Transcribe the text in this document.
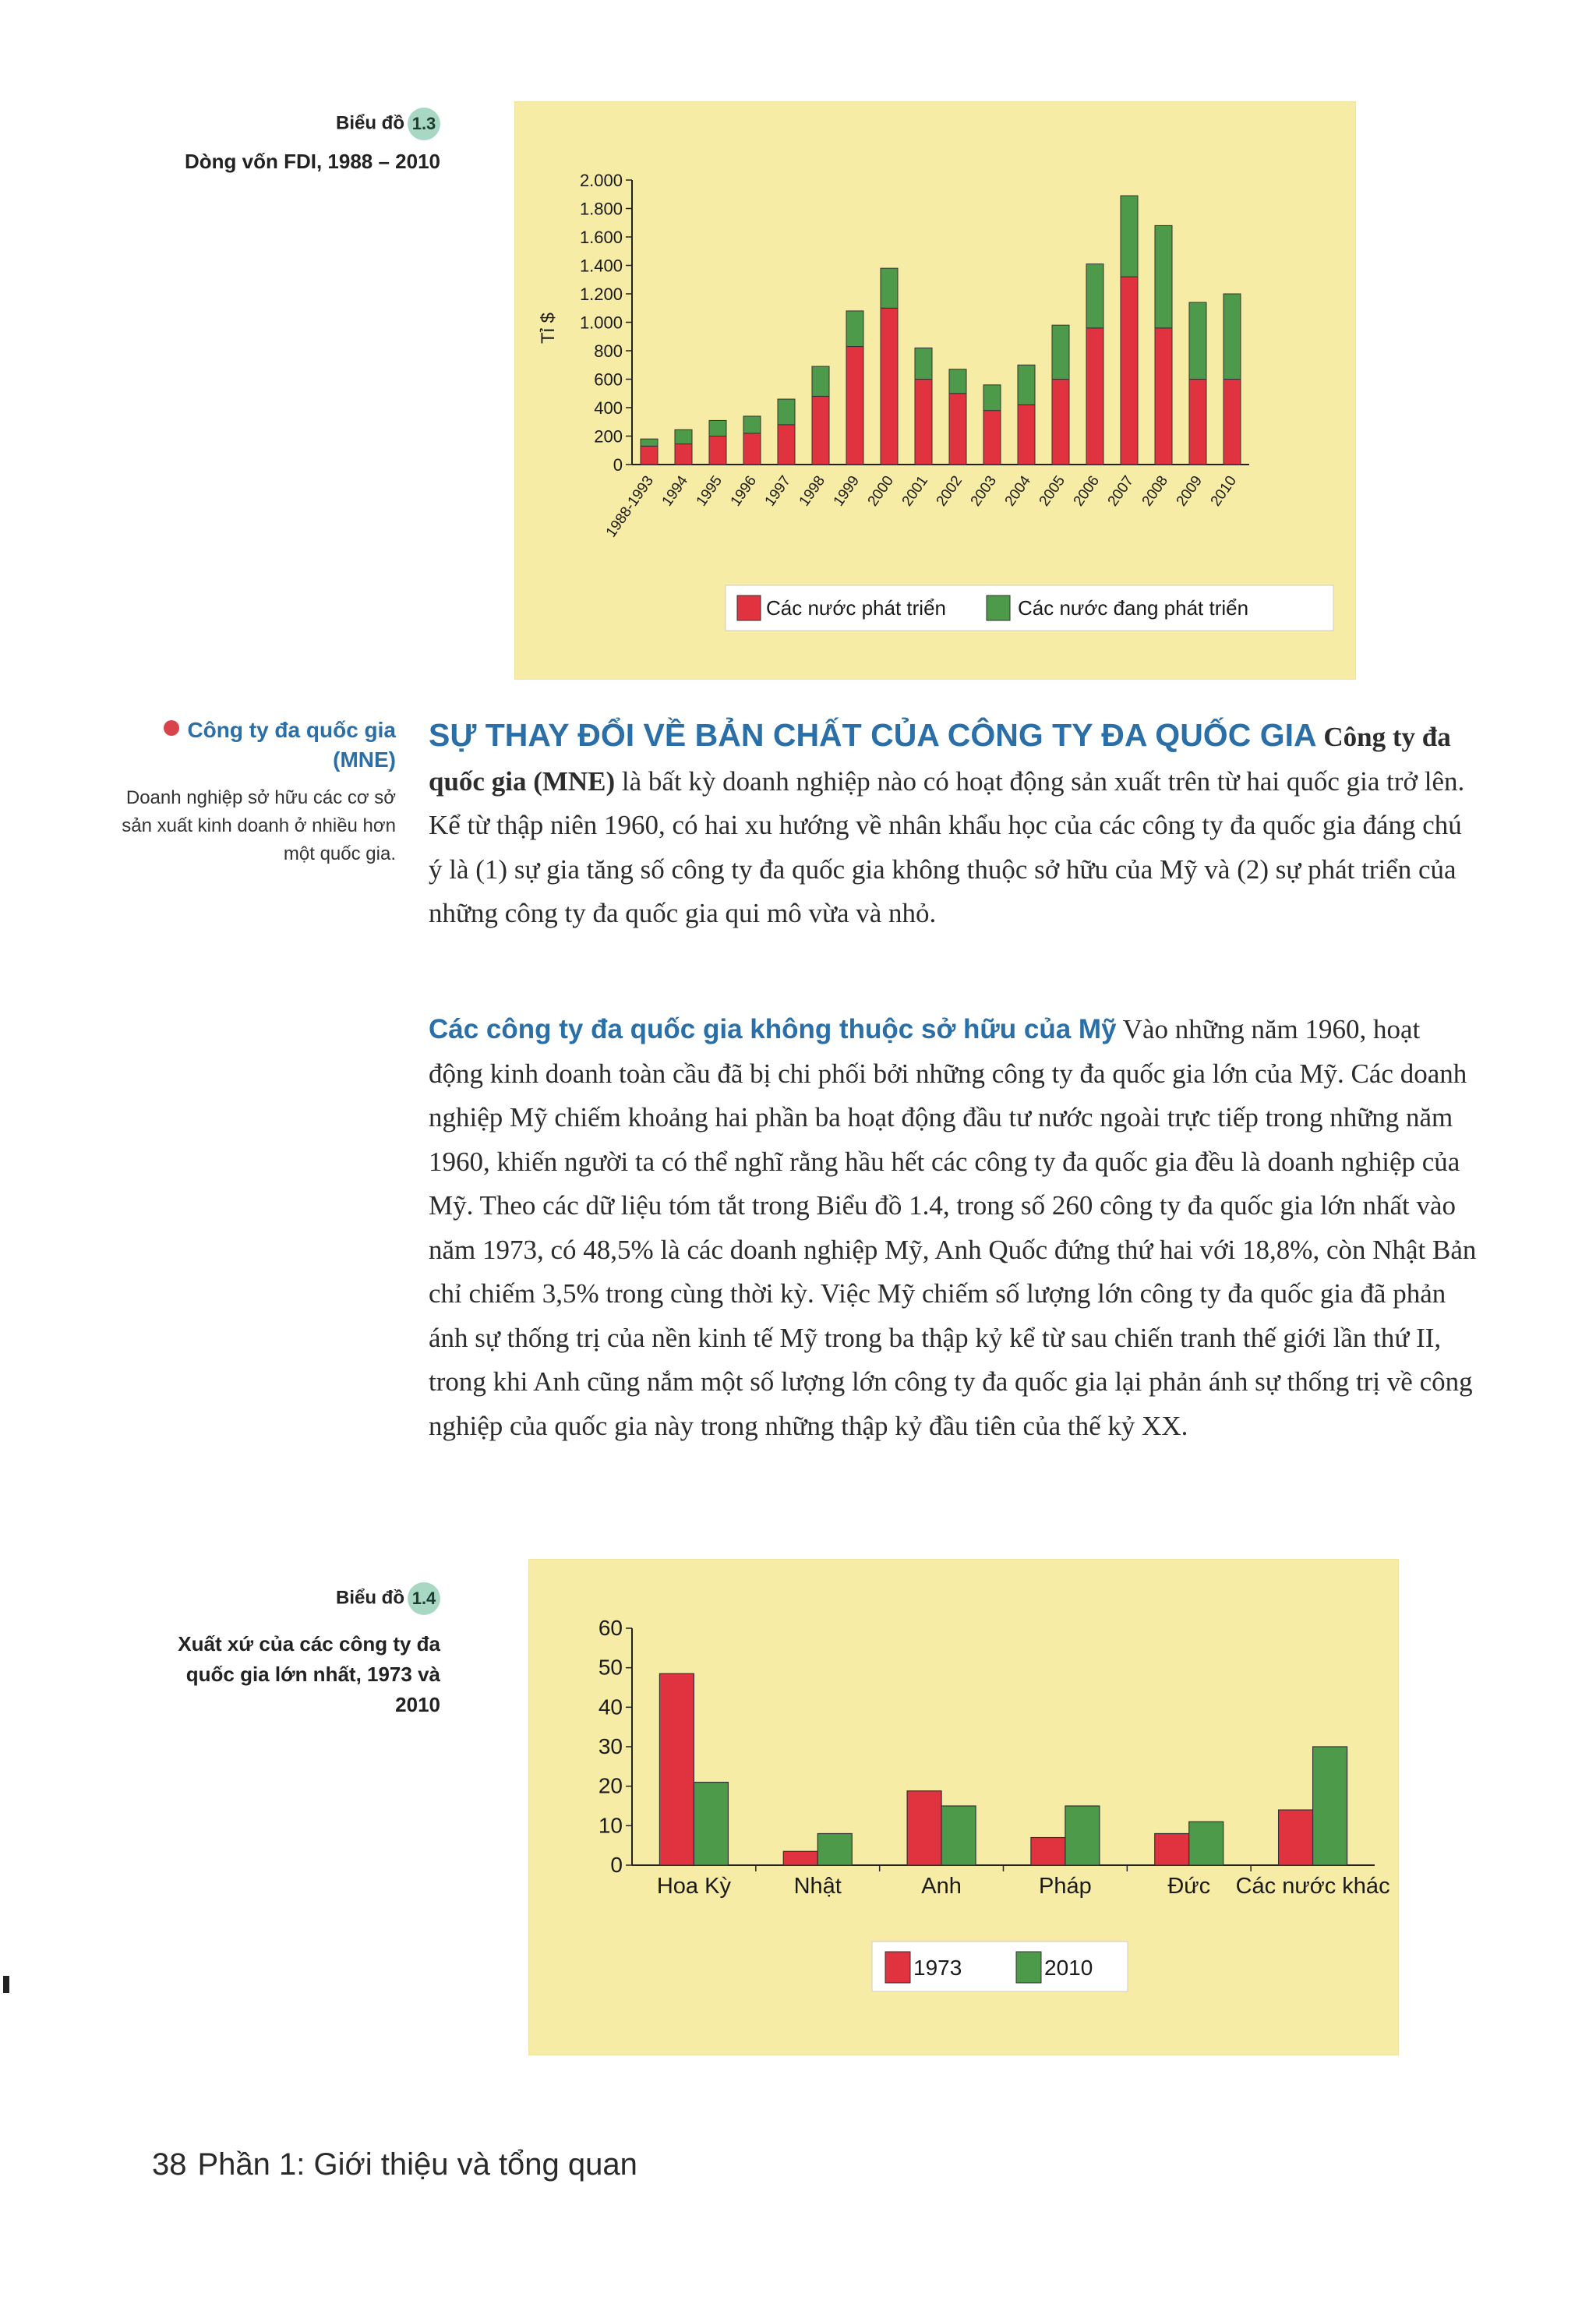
Biểu đồ 1.3
Dòng vốn FDI, 1988 – 2010
0
200
400
600
800
1.000
1.200
1.400
1.600
1.800
2.000
Tỉ $
1988-1993 1994 1995 1996 1997 1998 1999 2000 2001 2002 2003 2004 2005 2006 2007 2008 2009 2010
Các nước phát triển	Các nước đang phát triển
Công ty đa quốc gia (MNE)
Doanh nghiệp sở hữu các cơ sở sản xuất kinh doanh ở nhiều hơn một quốc gia.
SỰ THAY ĐỔI VỀ BẢN CHẤT CỦA CÔNG TY ĐA QUỐC GIA Công ty đa quốc gia (MNE) là bất kỳ doanh nghiệp nào có hoạt động sản xuất trên từ hai quốc gia trở lên. Kể từ thập niên 1960, có hai xu hướng về nhân khẩu học của các công ty đa quốc gia đáng chú ý là (1) sự gia tăng số công ty đa quốc gia không thuộc sở hữu của Mỹ và (2) sự phát triển của những công ty đa quốc gia qui mô vừa và nhỏ.
Các công ty đa quốc gia không thuộc sở hữu của Mỹ Vào những năm 1960, hoạt động kinh doanh toàn cầu đã bị chi phối bởi những công ty đa quốc gia lớn của Mỹ. Các doanh nghiệp Mỹ chiếm khoảng hai phần ba hoạt động đầu tư nước ngoài trực tiếp trong những năm 1960, khiến người ta có thể nghĩ rằng hầu hết các công ty đa quốc gia đều là doanh nghiệp của Mỹ. Theo các dữ liệu tóm tắt trong Biểu đồ 1.4, trong số 260 công ty đa quốc gia lớn nhất vào năm 1973, có 48,5% là các doanh nghiệp Mỹ, Anh Quốc đứng thứ hai với 18,8%, còn Nhật Bản chỉ chiếm 3,5% trong cùng thời kỳ. Việc Mỹ chiếm số lượng lớn công ty đa quốc gia đã phản ánh sự thống trị của nền kinh tế Mỹ trong ba thập kỷ kể từ sau chiến tranh thế giới lần thứ II, trong khi Anh cũng nắm một số lượng lớn công ty đa quốc gia lại phản ánh sự thống trị về công nghiệp của quốc gia này trong những thập kỷ đầu tiên của thế kỷ XX.
Biểu đồ 1.4
Xuất xứ của các công ty đa quốc gia lớn nhất, 1973 và 2010
0
10
20
30
40
50
60
Hoa Kỳ	Nhật	Anh	Pháp	Đức Các nước khác
1973	2010
38 Phần 1: Giới thiệu và tổng quan
